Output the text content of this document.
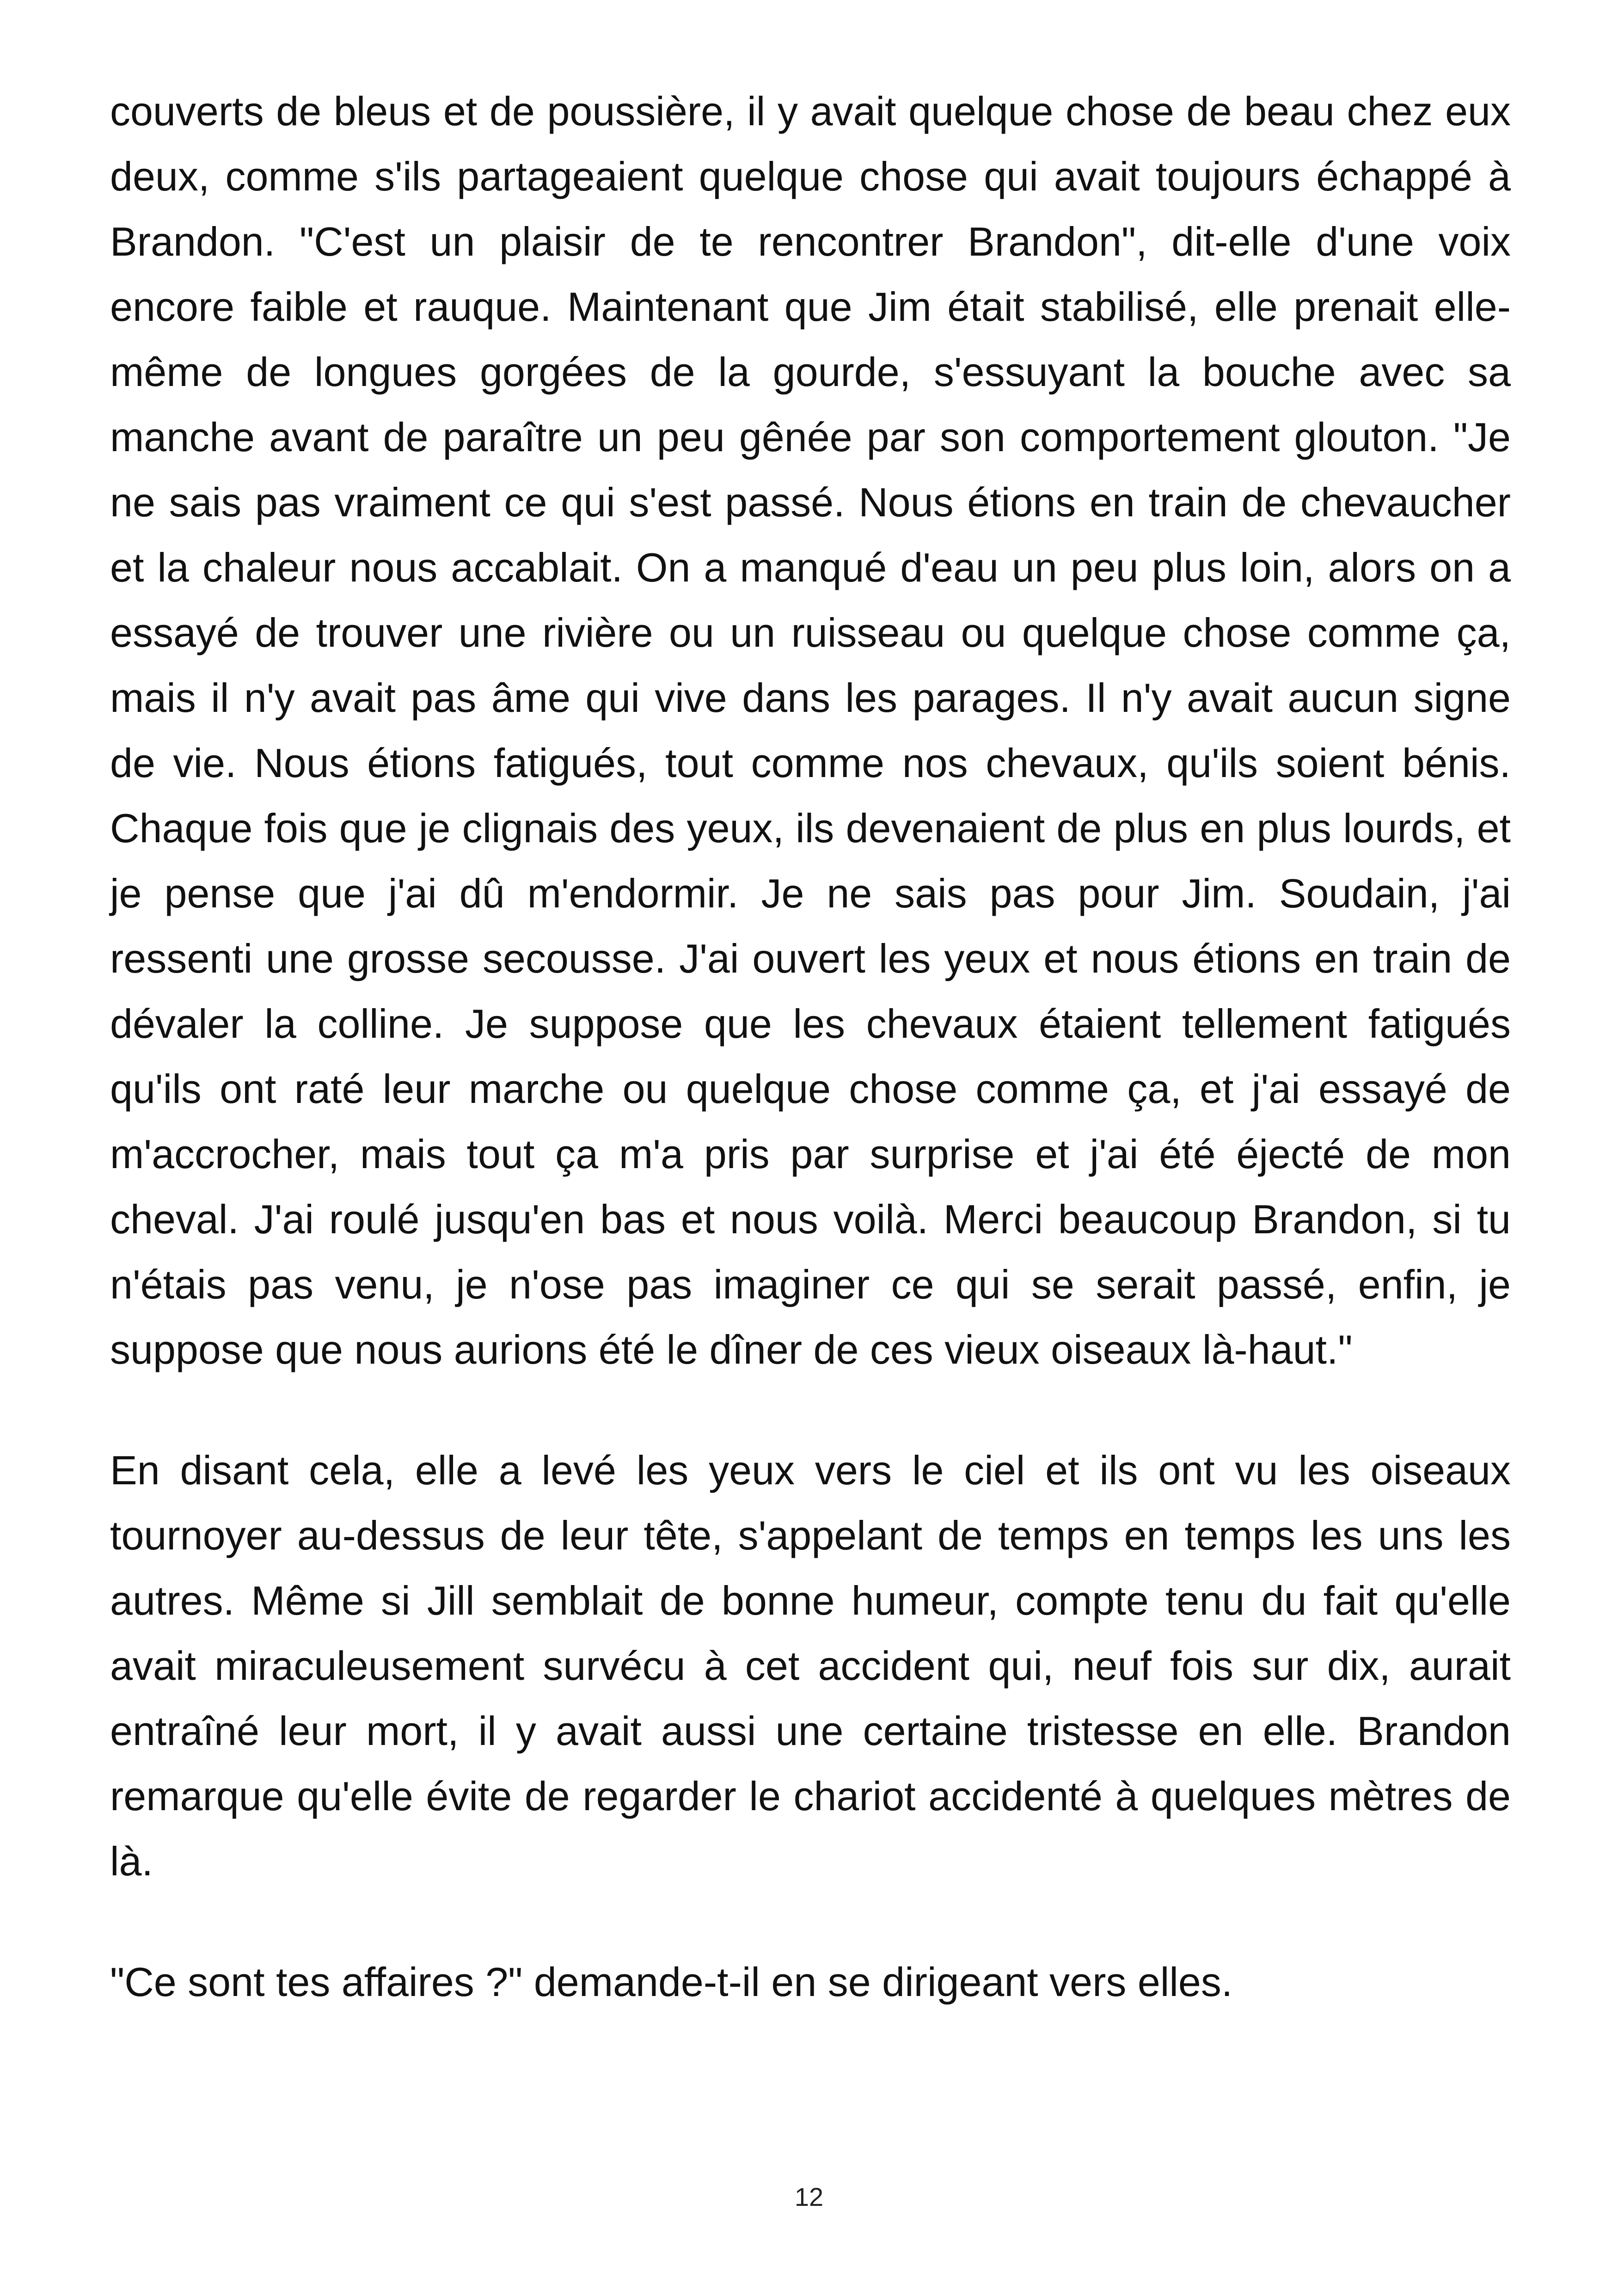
couverts de bleus et de poussière, il y avait quelque chose de beau chez eux deux, comme s'ils partageaient quelque chose qui avait toujours échappé à Brandon. "C'est un plaisir de te rencontrer Brandon", dit-elle d'une voix encore faible et rauque. Maintenant que Jim était stabilisé, elle prenait elle-même de longues gorgées de la gourde, s'essuyant la bouche avec sa manche avant de paraître un peu gênée par son comportement glouton. "Je ne sais pas vraiment ce qui s'est passé. Nous étions en train de chevaucher et la chaleur nous accablait. On a manqué d'eau un peu plus loin, alors on a essayé de trouver une rivière ou un ruisseau ou quelque chose comme ça, mais il n'y avait pas âme qui vive dans les parages. Il n'y avait aucun signe de vie. Nous étions fatigués, tout comme nos chevaux, qu'ils soient bénis. Chaque fois que je clignais des yeux, ils devenaient de plus en plus lourds, et je pense que j'ai dû m'endormir. Je ne sais pas pour Jim. Soudain, j'ai ressenti une grosse secousse. J'ai ouvert les yeux et nous étions en train de dévaler la colline. Je suppose que les chevaux étaient tellement fatigués qu'ils ont raté leur marche ou quelque chose comme ça, et j'ai essayé de m'accrocher, mais tout ça m'a pris par surprise et j'ai été éjecté de mon cheval. J'ai roulé jusqu'en bas et nous voilà. Merci beaucoup Brandon, si tu n'étais pas venu, je n'ose pas imaginer ce qui se serait passé, enfin, je suppose que nous aurions été le dîner de ces vieux oiseaux là-haut."

En disant cela, elle a levé les yeux vers le ciel et ils ont vu les oiseaux tournoyer au-dessus de leur tête, s'appelant de temps en temps les uns les autres. Même si Jill semblait de bonne humeur, compte tenu du fait qu'elle avait miraculeusement survécu à cet accident qui, neuf fois sur dix, aurait entraîné leur mort, il y avait aussi une certaine tristesse en elle. Brandon remarque qu'elle évite de regarder le chariot accidenté à quelques mètres de là.

"Ce sont tes affaires ?" demande-t-il en se dirigeant vers elles.

12
